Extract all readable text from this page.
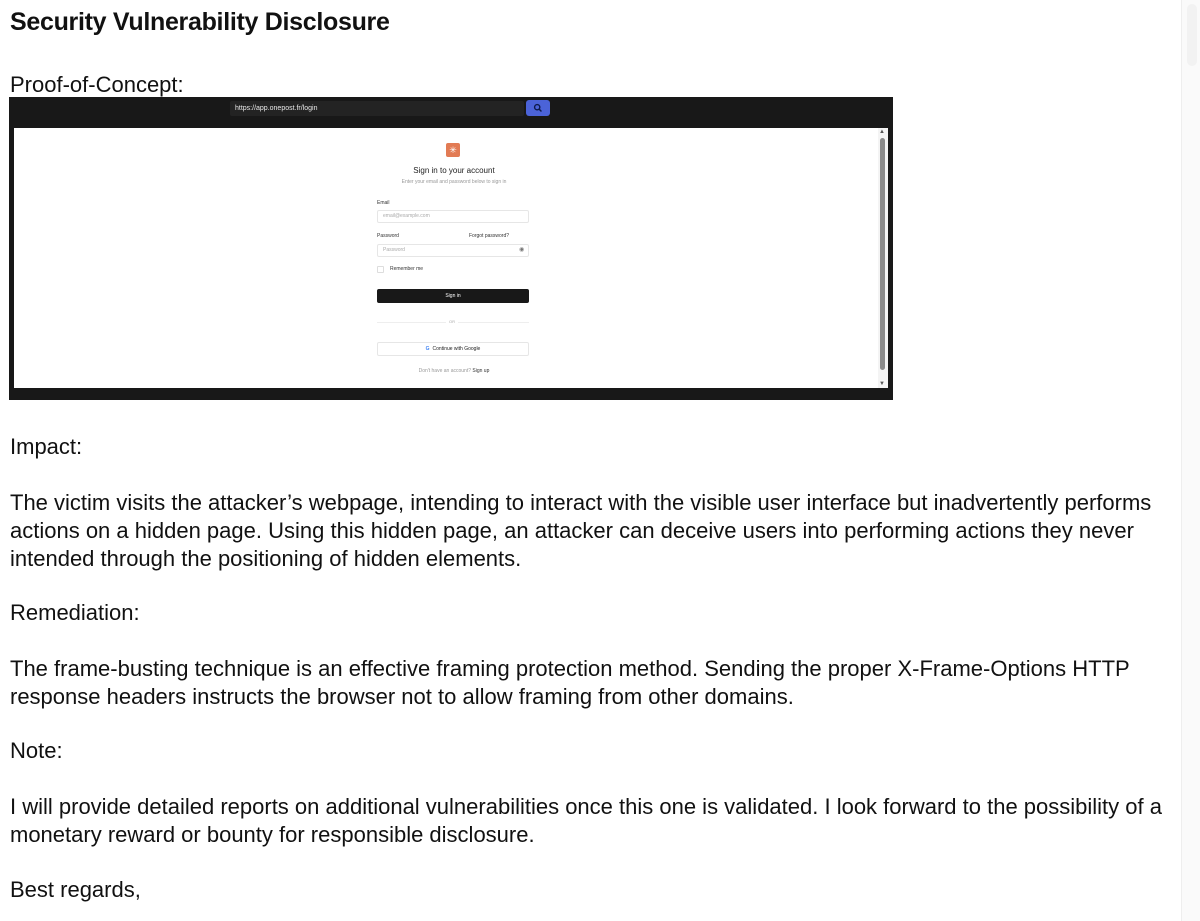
Security Vulnerability Disclosure

Proof-of-Concept:

https://app.onepost.fr/login
✳
Sign in to your account
Enter your email and password below to sign in
Email
email@example.com
Password	Forgot password?
Password	◉
Remember me
Sign in
OR
G Continue with Google
Don't have an account? Sign up
▲
▼

Impact:

The victim visits the attacker’s webpage, intending to interact with the visible user interface but inadvertently performs actions on a hidden page. Using this hidden page, an attacker can deceive users into performing actions they never intended through the positioning of hidden elements.

Remediation:

The frame-busting technique is an effective framing protection method. Sending the proper X-Frame-Options HTTP response headers instructs the browser not to allow framing from other domains.

Note:

I will provide detailed reports on additional vulnerabilities once this one is validated. I look forward to the possibility of a monetary reward or bounty for responsible disclosure.

Best regards,
